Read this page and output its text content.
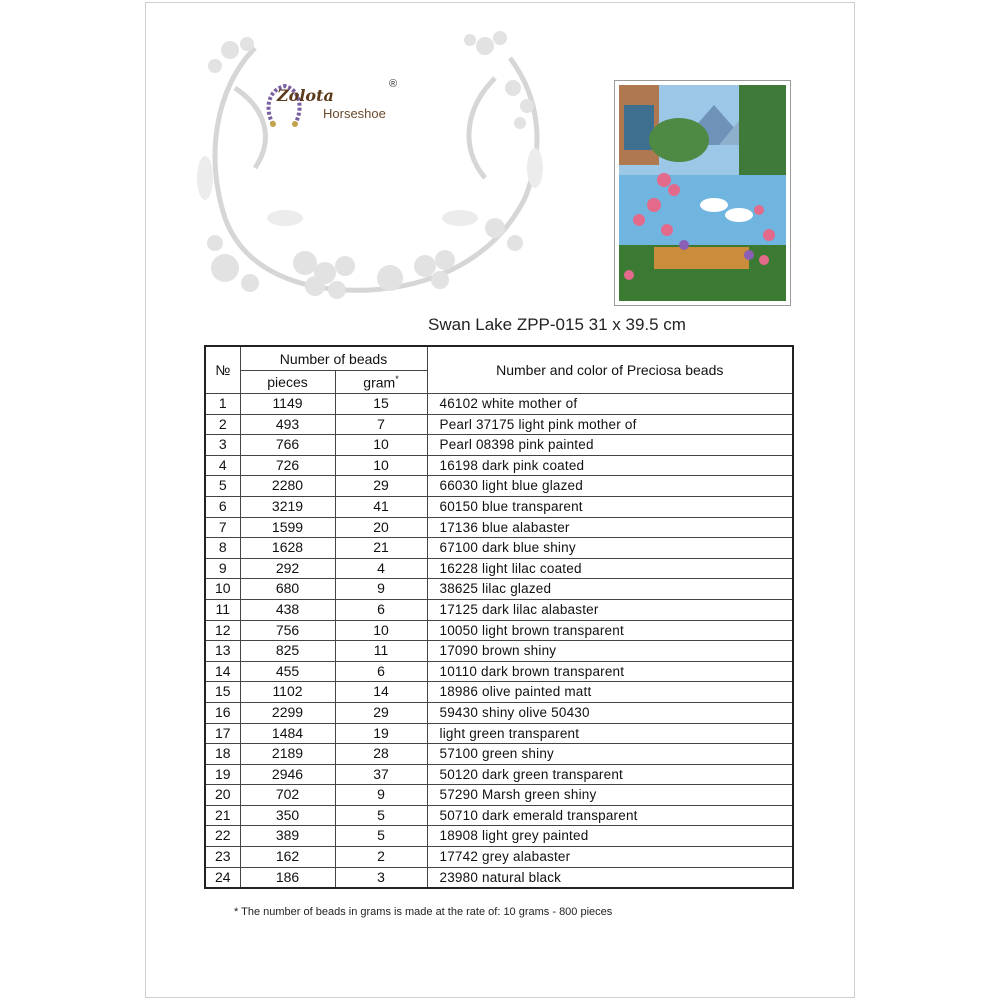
Zolota
®
Horseshoe
Swan Lake ZPP-015 31 x 39.5 cm
№	Number of beads		Number and color of Preciosa beads
	pieces	gram*
1	1149	15	46102 white mother of
2	493	7	Pearl 37175 light pink mother of
3	766	10	Pearl 08398 pink painted
4	726	10	16198 dark pink coated
5	2280	29	66030 light blue glazed
6	3219	41	60150 blue transparent
7	1599	20	17136 blue alabaster
8	1628	21	67100 dark blue shiny
9	292	4	16228 light lilac coated
10	680	9	38625 lilac glazed
11	438	6	17125 dark lilac alabaster
12	756	10	10050 light brown transparent
13	825	11	17090 brown shiny
14	455	6	10110 dark brown transparent
15	1102	14	18986 olive painted matt
16	2299	29	59430 shiny olive 50430
17	1484	19	light green transparent
18	2189	28	57100 green shiny
19	2946	37	50120 dark green transparent
20	702	9	57290 Marsh green shiny
21	350	5	50710 dark emerald transparent
22	389	5	18908 light grey painted
23	162	2	17742 grey alabaster
24	186	3	23980 natural black
* The number of beads in grams is made at the rate of: 10 grams - 800 pieces
